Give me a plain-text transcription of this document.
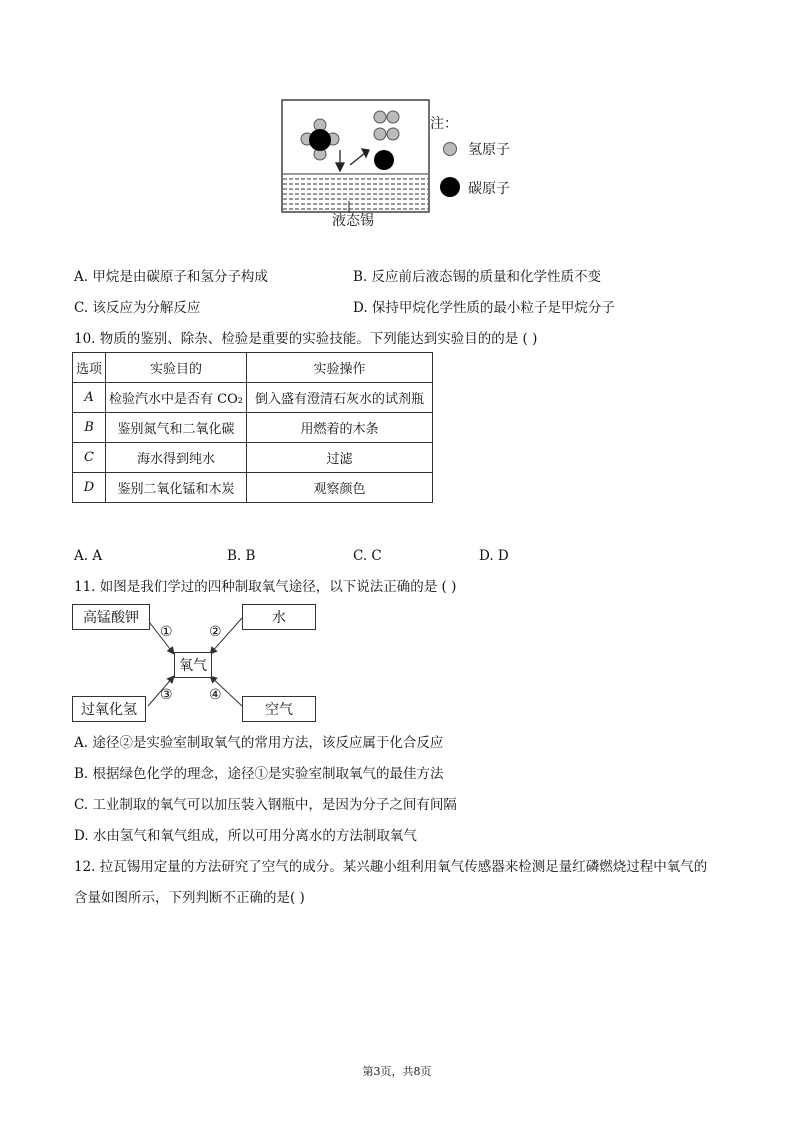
注：
氢原子
碳原子
液态锡
A. 甲烷是由碳原子和氢分子构成	B. 反应前后液态锡的质量和化学性质不变
C. 该反应为分解反应	D. 保持甲烷化学性质的最小粒子是甲烷分子
10. 物质的鉴别、除杂、检验是重要的实验技能。下列能达到实验目的的是 ( )
选项	实验目的	实验操作
A	检验汽水中是否有 CO₂	倒入盛有澄清石灰水的试剂瓶
B	鉴别氮气和二氧化碳	用燃着的木条
C	海水得到纯水	过滤
D	鉴别二氧化锰和木炭	观察颜色
A. A	B. B	C. C	D. D
11. 如图是我们学过的四种制取氧气途径，以下说法正确的是 ( )
高锰酸钾	水
氧气
过氧化氢	空气
①	②
③	④
A. 途径②是实验室制取氧气的常用方法，该反应属于化合反应
B. 根据绿色化学的理念，途径①是实验室制取氧气的最佳方法
C. 工业制取的氧气可以加压装入钢瓶中，是因为分子之间有间隔
D. 水由氢气和氧气组成，所以可用分离水的方法制取氧气
12. 拉瓦锡用定量的方法研究了空气的成分。某兴趣小组利用氧气传感器来检测足量红磷燃烧过程中氧气的
含量如图所示，下列判断不正确的是( )
第3页，共8页
